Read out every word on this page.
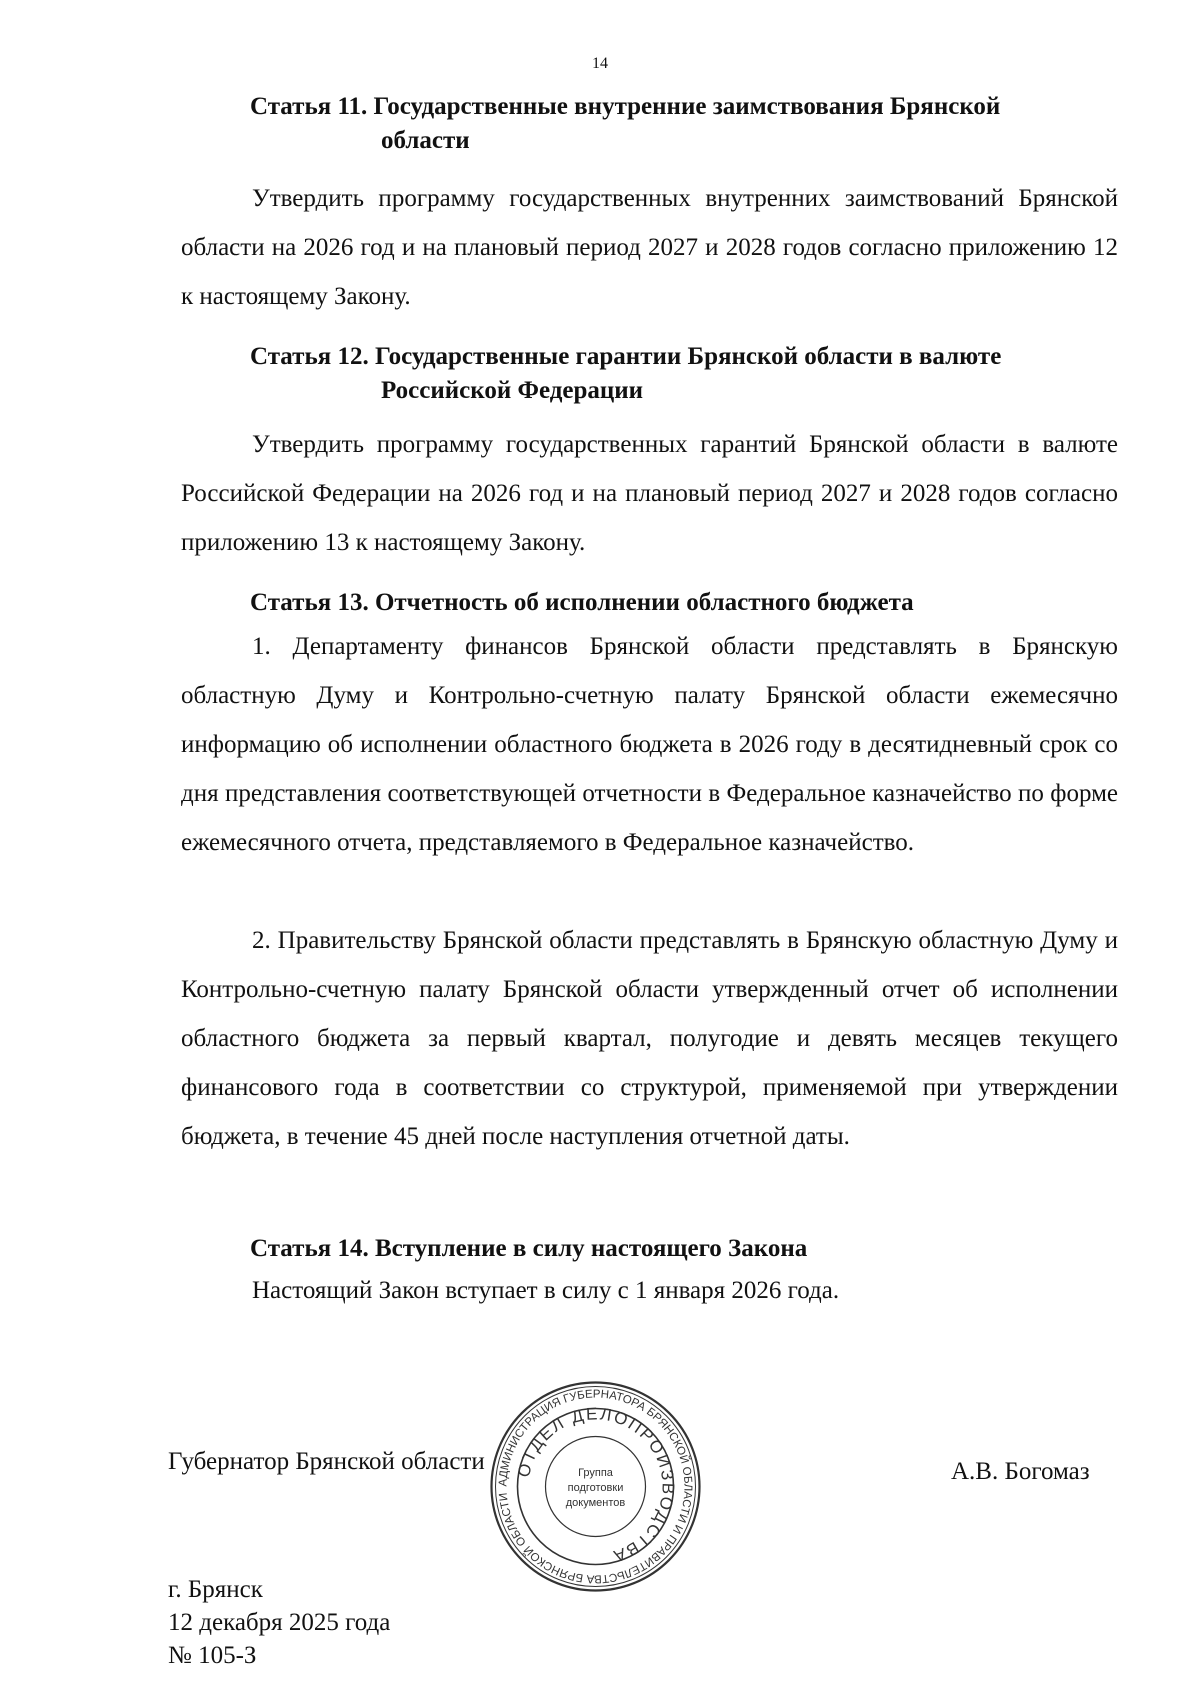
14
Статья 11. Государственные внутренние заимствования Брянской
области
Утвердить программу государственных внутренних заимствований Брянской области на 2026 год и на плановый период 2027 и 2028 годов согласно приложению 12 к настоящему Закону.
Статья 12. Государственные гарантии Брянской области в валюте
Российской Федерации
Утвердить программу государственных гарантий Брянской области в валюте Российской Федерации на 2026 год и на плановый период 2027 и 2028 годов согласно приложению 13 к настоящему Закону.
Статья 13. Отчетность об исполнении областного бюджета
1. Департаменту финансов Брянской области представлять в Брянскую областную Думу и Контрольно-счетную палату Брянской области ежемесячно информацию об исполнении областного бюджета в 2026 году в десятидневный срок со дня представления соответствующей отчетности в Федеральное казначейство по форме ежемесячного отчета, представляемого в Федеральное казначейство.
2. Правительству Брянской области представлять в Брянскую областную Думу и Контрольно-счетную палату Брянской области утвержденный отчет об исполнении областного бюджета за первый квартал, полугодие и девять месяцев текущего финансового года в соответствии со структурой, применяемой при утверждении бюджета, в течение 45 дней после наступления отчетной даты.
Статья 14. Вступление в силу настоящего Закона
Настоящий Закон вступает в силу с 1 января 2026 года.
Губернатор Брянской области	А.В. Богомаз
АДМИНИСТРАЦИЯ ГУБЕРНАТОРА БРЯНСКОЙ ОБЛАСТИ И ПРАВИТЕЛЬСТВА БРЯНСКОЙ ОБЛАСТИ
ОТДЕЛ ДЕЛОПРОИЗВОДСТВА
Группа
подготовки
документов
г. Брянск
12 декабря 2025 года
№ 105-З
